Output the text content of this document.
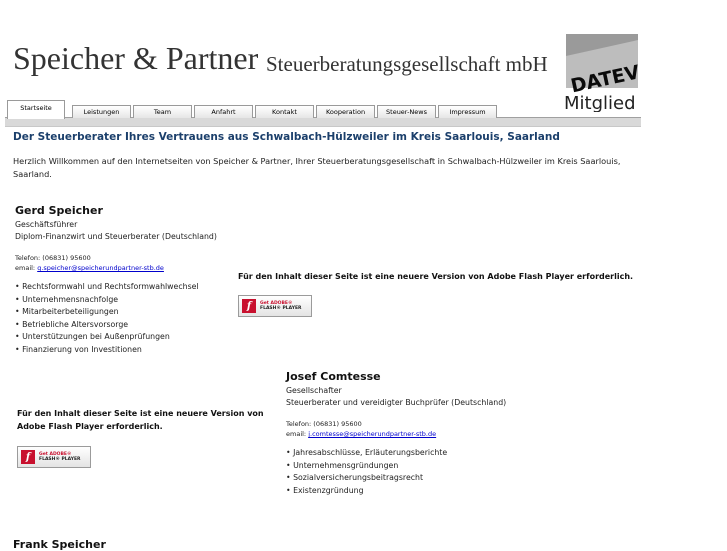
Speicher & Partner Steuerberatungsgesellschaft mbH DATEV
Mitglied
Startseite	Leistungen	Team	Anfahrt	Kontakt	Kooperation	Steuer-News	Impressum
Der Steuerberater Ihres Vertrauens aus Schwalbach-Hülzweiler im Kreis Saarlouis, Saarland
Herzlich Willkommen auf den Internetseiten von Speicher & Partner, Ihrer Steuerberatungsgesellschaft in Schwalbach-Hülzweiler im Kreis Saarlouis, Saarland.
Gerd Speicher
Geschäftsführer
Diplom-Finanzwirt und Steuerberater (Deutschland)
Telefon: (06831) 95600
email: g.speicher@speicherundpartner-stb.de
• Rechtsformwahl und Rechtsformwahlwechsel
• Unternehmensnachfolge
• Mitarbeiterbeteiligungen
• Betriebliche Altersvorsorge
• Unterstützungen bei Außenprüfungen
• Finanzierung von Investitionen
Für den Inhalt dieser Seite ist eine neuere Version von Adobe Flash Player erforderlich.
f	Get ADOBE®
FLASH® PLAYER
Josef Comtesse
Gesellschafter
Steuerberater und vereidigter Buchprüfer (Deutschland)
Telefon: (06831) 95600
email: j.comtesse@speicherundpartner-stb.de
• Jahresabschlüsse, Erläuterungsberichte
• Unternehmensgründungen
• Sozialversicherungsbeitragsrecht
• Existenzgründung
Für den Inhalt dieser Seite ist eine neuere Version von Adobe Flash Player erforderlich.
f	Get ADOBE®
FLASH® PLAYER
Frank Speicher
